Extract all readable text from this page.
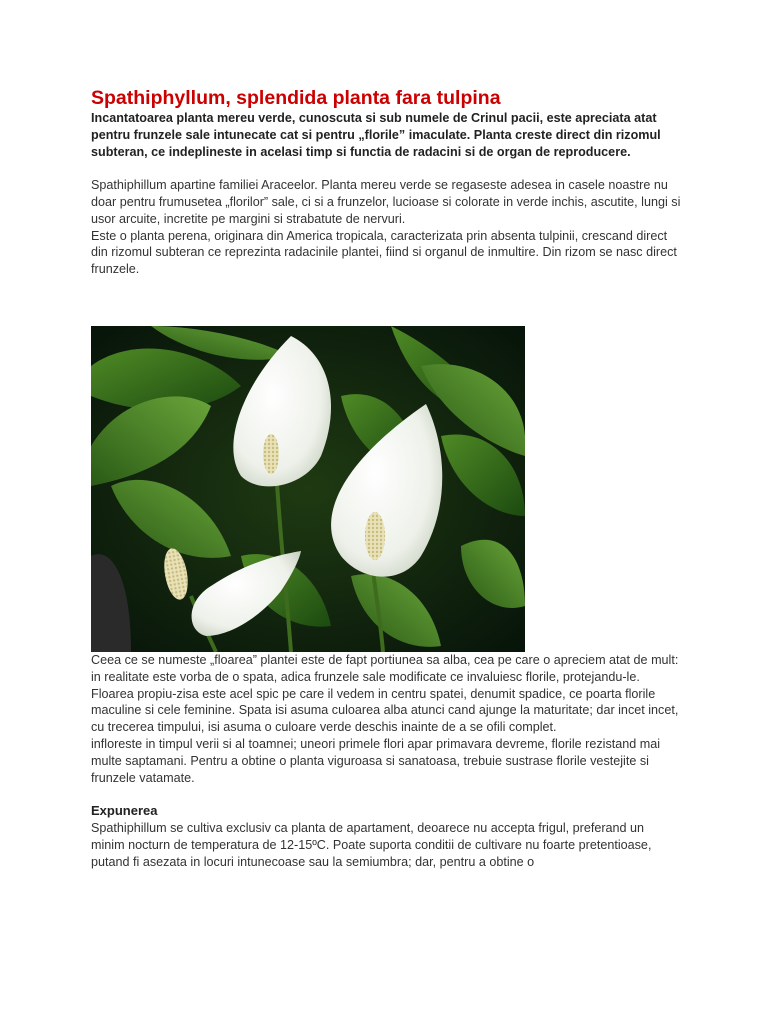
Spathiphyllum, splendida planta fara tulpina

Incantatoarea planta mereu verde, cunoscuta si sub numele de Crinul pacii, este apreciata atat pentru frunzele sale intunecate cat si pentru „florile” imaculate. Planta creste direct din rizomul subteran, ce indeplineste in acelasi timp si functia de radacini si de organ de reproducere.

Spathiphillum apartine familiei Araceelor. Planta mereu verde se regaseste adesea in casele noastre nu doar pentru frumusetea „florilor” sale, ci si a frunzelor, lucioase si colorate in verde inchis, ascutite, lungi si usor arcuite, incretite pe margini si strabatute de nervuri.

Este o planta perena, originara din America tropicala, caracterizata prin absenta tulpinii, crescand direct din rizomul subteran ce reprezinta radacinile plantei, fiind si organul de inmultire. Din rizom se nasc direct frunzele.

Ceea ce se numeste „floarea” plantei este de fapt portiunea sa alba, cea pe care o apreciem atat de mult: in realitate este vorba de o spata, adica frunzele sale modificate ce invaluiesc florile, protejandu-le.

Floarea propiu-zisa este acel spic pe care il vedem in centru spatei, denumit spadice, ce poarta florile maculine si cele feminine. Spata isi asuma culoarea alba atunci cand ajunge la maturitate; dar incet incet, cu trecerea timpului, isi asuma o culoare verde deschis inainte de a se ofili complet.

infloreste in timpul verii si al toamnei; uneori primele flori apar primavara devreme, florile rezistand mai multe saptamani. Pentru a obtine o planta viguroasa si sanatoasa, trebuie sustrase florile vestejite si frunzele vatamate.

Expunerea

Spathiphillum se cultiva exclusiv ca planta de apartament, deoarece nu accepta frigul, preferand un minim nocturn de temperatura de 12-15ºC. Poate suporta conditii de cultivare nu foarte pretentioase, putand fi asezata in locuri intunecoase sau la semiumbra; dar, pentru a obtine o
